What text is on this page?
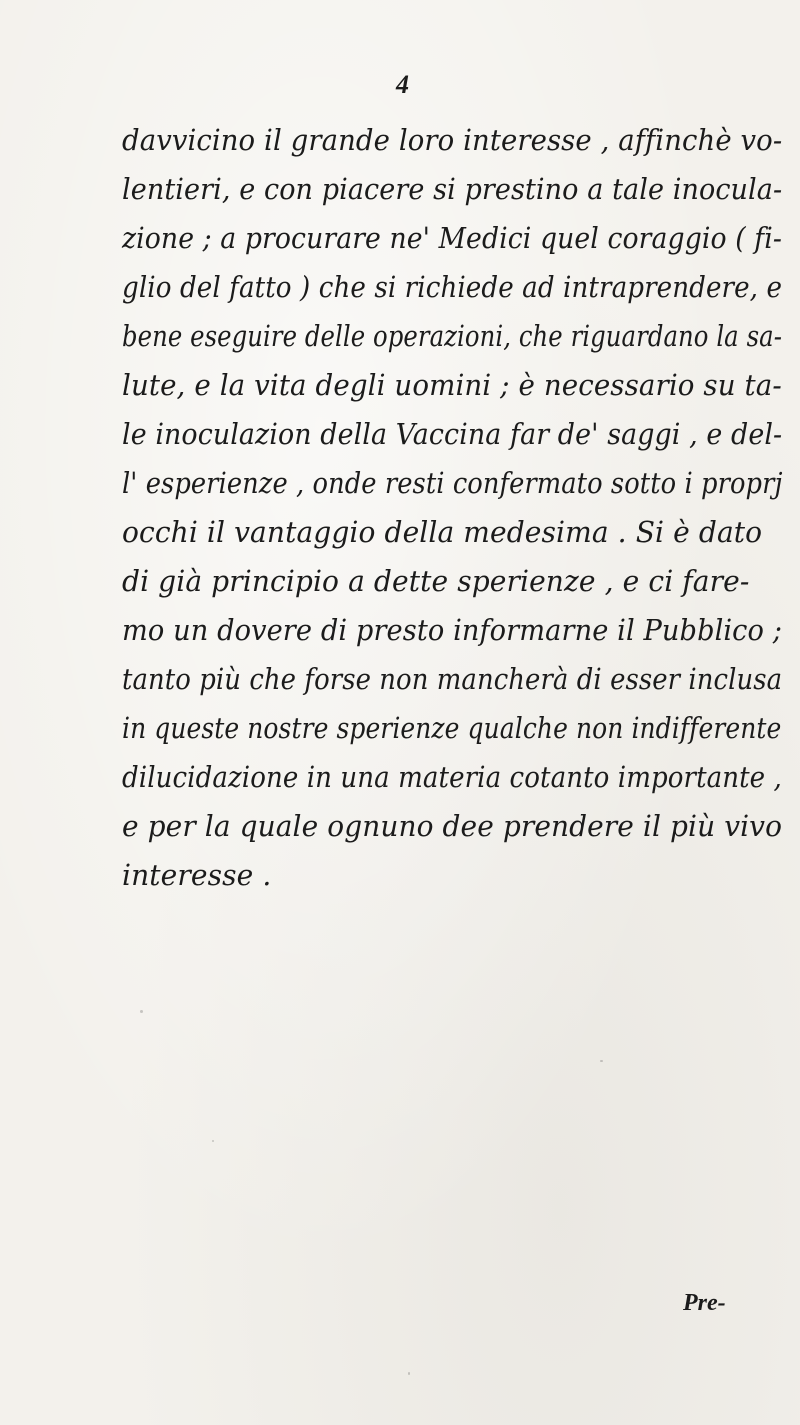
4
davvicino il grande loro interesse , affinchè vo-
lentieri, e con piacere si prestino a tale inocula-
zione ; a procurare ne' Medici quel coraggio ( fi-
glio del fatto ) che si richiede ad intraprendere, e
bene eseguire delle operazioni, che riguardano la sa-
lute, e la vita degli uomini ; è necessario su ta-
le inoculazion della Vaccina far de' saggi , e del-
l' esperienze , onde resti confermato sotto i proprj
occhi il vantaggio della medesima . Si è dato
di già principio a dette sperienze , e ci fare-
mo un dovere di presto informarne il Pubblico ;
tanto più che forse non mancherà di esser inclusa
in queste nostre sperienze qualche non indifferente
dilucidazione in una materia cotanto importante ,
e per la quale ognuno dee prendere il più vivo
interesse .
Pre-
